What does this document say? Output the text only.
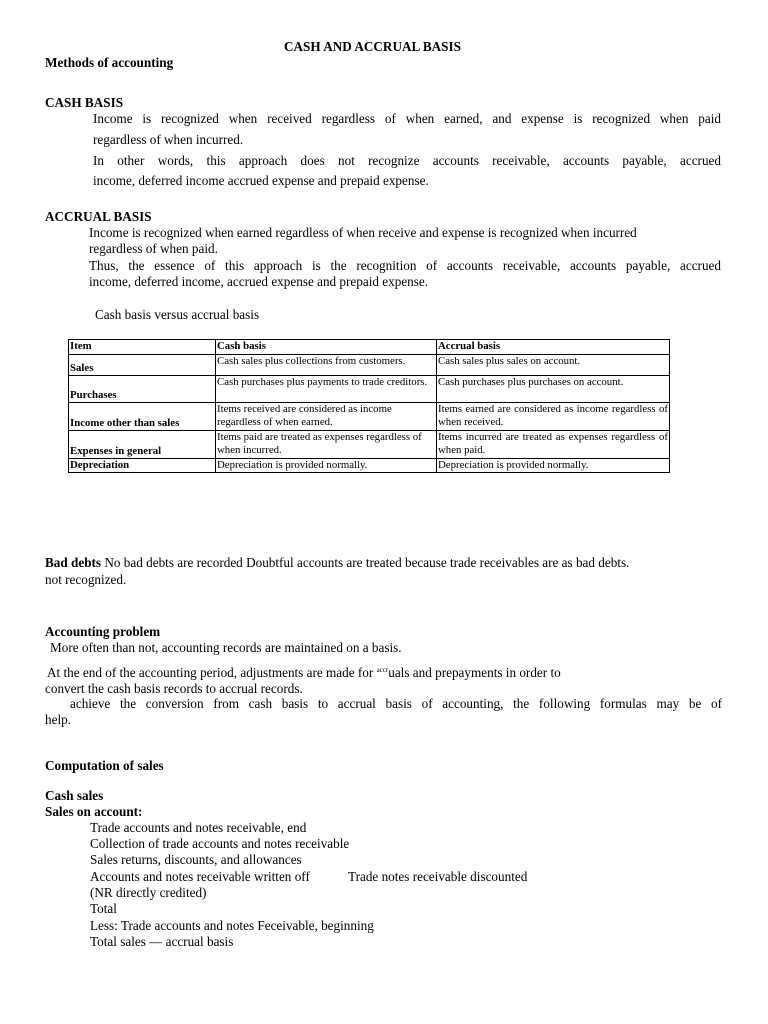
CASH AND ACCRUAL BASIS
Methods of accounting
CASH BASIS
Income is recognized when received regardless of when earned, and expense is recognized when paid
regardless of when incurred.
In other words, this approach does not recognize accounts receivable, accounts payable, accrued
income, deferred income accrued expense and prepaid expense.
ACCRUAL BASIS
Income is recognized when earned regardless of when receive and expense is recognized when incurred
regardless of when paid.
Thus, the essence of this approach is the recognition of accounts receivable, accounts payable, accrued
income, deferred income, accrued expense and prepaid expense.
Cash basis versus accrual basis
Item	Cash basis	Accrual basis
Sales	Cash sales plus collections from customers.	Cash sales plus sales on account.
Purchases	Cash purchases plus payments to trade creditors.	Cash purchases plus purchases on account.
Income other than sales	Items received are considered as income regardless of when earned.	Items earned are considered as income regardless of when received.
Expenses in general	Items paid are treated as expenses regardless of when incurred.	Items incurred are treated as expenses regardless of when paid.
Depreciation	Depreciation is provided normally.	Depreciation is provided normally.
Bad debts No bad debts are recorded Doubtful accounts are treated because trade receivables are as bad debts.
not recognized.
Accounting problem
More often than not, accounting records are maintained on a basis.
At the end of the accounting period, adjustments are made for $^{accr}$uals and prepayments in order to
convert the cash basis records to accrual records.
achieve the conversion from cash basis to accrual basis of accounting, the following formulas may be of
help.
Computation of sales
Cash sales
Sales on account:
Trade accounts and notes receivable, end
Collection of trade accounts and notes receivable
Sales returns, discounts, and allowances
Accounts and notes receivable written off	Trade notes receivable discounted
(NR directly credited)
Total
Less: Trade accounts and notes Feceivable, beginning
Total sales — accrual basis
